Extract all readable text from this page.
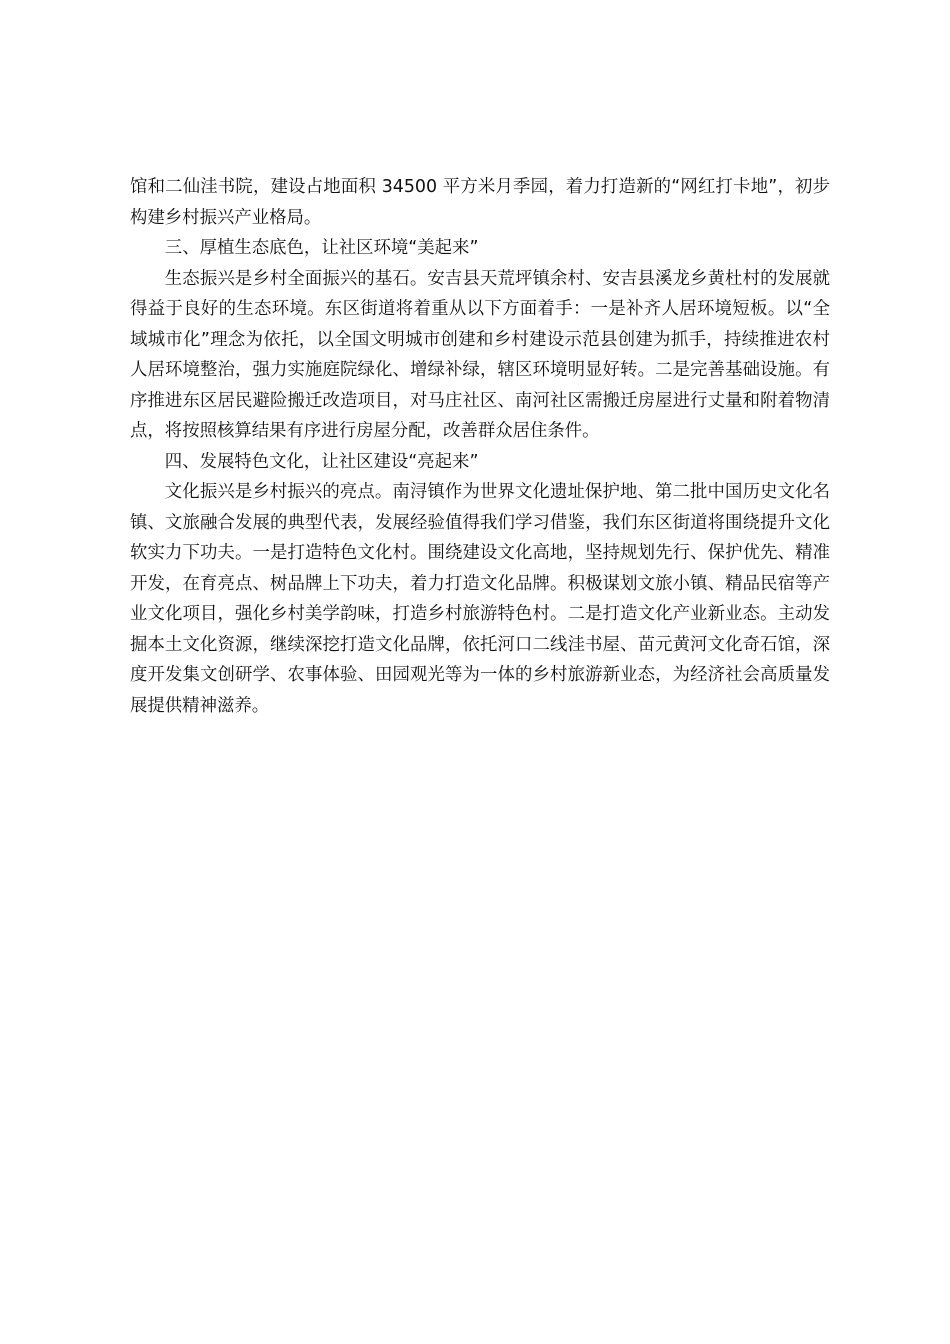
馆和二仙洼书院，建设占地面积 34500 平方米月季园，着力打造新的“网红打卡地”，初步构建乡村振兴产业格局。

三、厚植生态底色，让社区环境“美起来”

生态振兴是乡村全面振兴的基石。安吉县天荒坪镇余村、安吉县溪龙乡黄杜村的发展就得益于良好的生态环境。东区街道将着重从以下方面着手：一是补齐人居环境短板。以“全域城市化”理念为依托，以全国文明城市创建和乡村建设示范县创建为抓手，持续推进农村人居环境整治，强力实施庭院绿化、增绿补绿，辖区环境明显好转。二是完善基础设施。有序推进东区居民避险搬迁改造项目，对马庄社区、南河社区需搬迁房屋进行丈量和附着物清点，将按照核算结果有序进行房屋分配，改善群众居住条件。

四、发展特色文化，让社区建设“亮起来”

文化振兴是乡村振兴的亮点。南浔镇作为世界文化遗址保护地、第二批中国历史文化名镇、文旅融合发展的典型代表，发展经验值得我们学习借鉴，我们东区街道将围绕提升文化软实力下功夫。一是打造特色文化村。围绕建设文化高地，坚持规划先行、保护优先、精准开发，在育亮点、树品牌上下功夫，着力打造文化品牌。积极谋划文旅小镇、精品民宿等产业文化项目，强化乡村美学韵味，打造乡村旅游特色村。二是打造文化产业新业态。主动发掘本土文化资源，继续深挖打造文化品牌，依托河口二线洼书屋、苗元黄河文化奇石馆，深度开发集文创研学、农事体验、田园观光等为一体的乡村旅游新业态，为经济社会高质量发展提供精神滋养。
